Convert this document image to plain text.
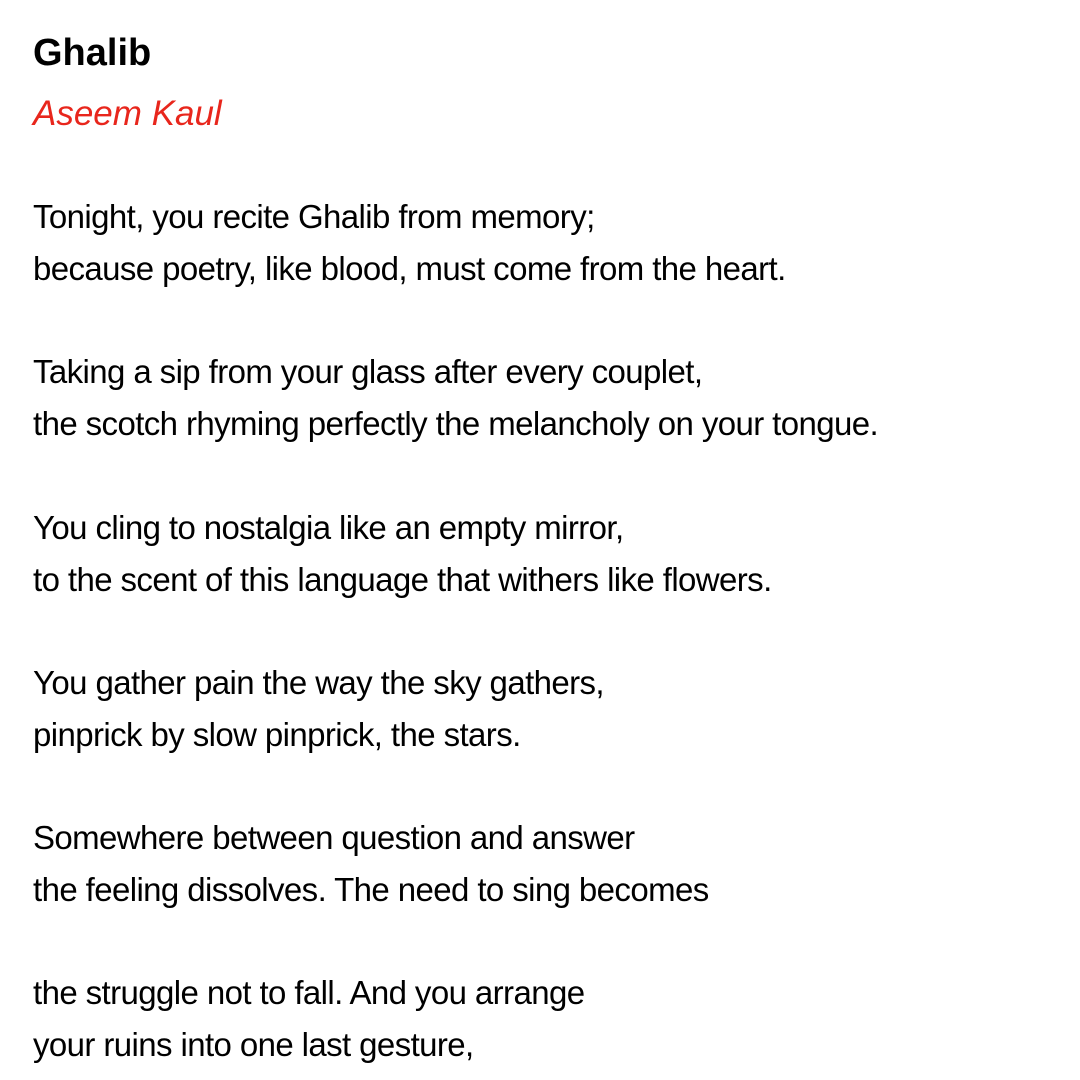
Ghalib
Aseem Kaul
Tonight, you recite Ghalib from memory;
because poetry, like blood, must come from the heart.
Taking a sip from your glass after every couplet,
the scotch rhyming perfectly the melancholy on your tongue.
You cling to nostalgia like an empty mirror,
to the scent of this language that withers like flowers.
You gather pain the way the sky gathers,
pinprick by slow pinprick, the stars.
Somewhere between question and answer
the feeling dissolves. The need to sing becomes
the struggle not to fall. And you arrange
your ruins into one last gesture,
